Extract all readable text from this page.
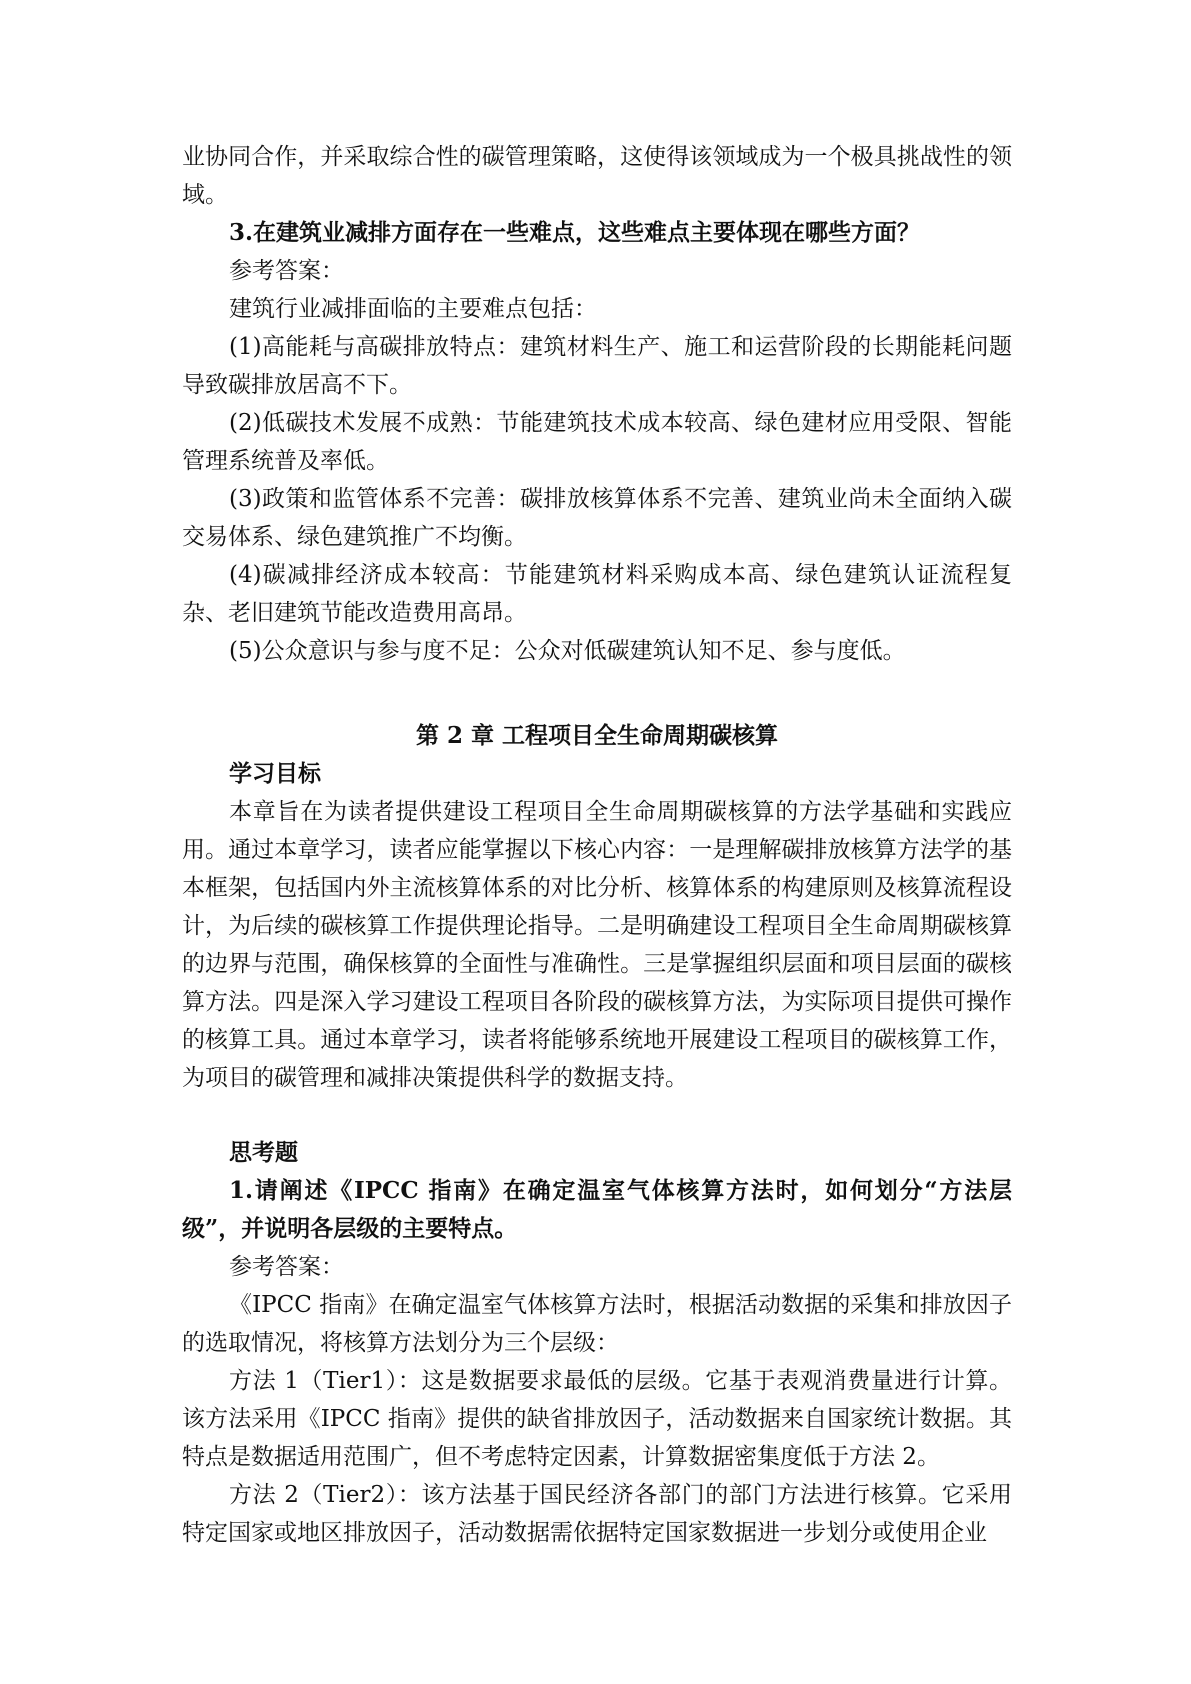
业协同合作，并采取综合性的碳管理策略，这使得该领域成为一个极具挑战性的领域。
3.在建筑业减排方面存在一些难点，这些难点主要体现在哪些方面？
参考答案：
建筑行业减排面临的主要难点包括：
(1)高能耗与高碳排放特点：建筑材料生产、施工和运营阶段的长期能耗问题导致碳排放居高不下。
(2)低碳技术发展不成熟：节能建筑技术成本较高、绿色建材应用受限、智能管理系统普及率低。
(3)政策和监管体系不完善：碳排放核算体系不完善、建筑业尚未全面纳入碳交易体系、绿色建筑推广不均衡。
(4)碳减排经济成本较高：节能建筑材料采购成本高、绿色建筑认证流程复杂、老旧建筑节能改造费用高昂。
(5)公众意识与参与度不足：公众对低碳建筑认知不足、参与度低。
第 2 章 工程项目全生命周期碳核算
学习目标
本章旨在为读者提供建设工程项目全生命周期碳核算的方法学基础和实践应用。通过本章学习，读者应能掌握以下核心内容：一是理解碳排放核算方法学的基本框架，包括国内外主流核算体系的对比分析、核算体系的构建原则及核算流程设计，为后续的碳核算工作提供理论指导。二是明确建设工程项目全生命周期碳核算的边界与范围，确保核算的全面性与准确性。三是掌握组织层面和项目层面的碳核算方法。四是深入学习建设工程项目各阶段的碳核算方法，为实际项目提供可操作的核算工具。通过本章学习，读者将能够系统地开展建设工程项目的碳核算工作，为项目的碳管理和减排决策提供科学的数据支持。
思考题
1.请阐述《IPCC 指南》在确定温室气体核算方法时，如何划分“方法层级”，并说明各层级的主要特点。
参考答案：
《IPCC 指南》在确定温室气体核算方法时，根据活动数据的采集和排放因子的选取情况，将核算方法划分为三个层级：
方法 1（Tier1）：这是数据要求最低的层级。它基于表观消费量进行计算。该方法采用《IPCC 指南》提供的缺省排放因子，活动数据来自国家统计数据。其特点是数据适用范围广，但不考虑特定因素，计算数据密集度低于方法 2。
方法 2（Tier2）：该方法基于国民经济各部门的部门方法进行核算。它采用特定国家或地区排放因子，活动数据需依据特定国家数据进一步划分或使用企业
